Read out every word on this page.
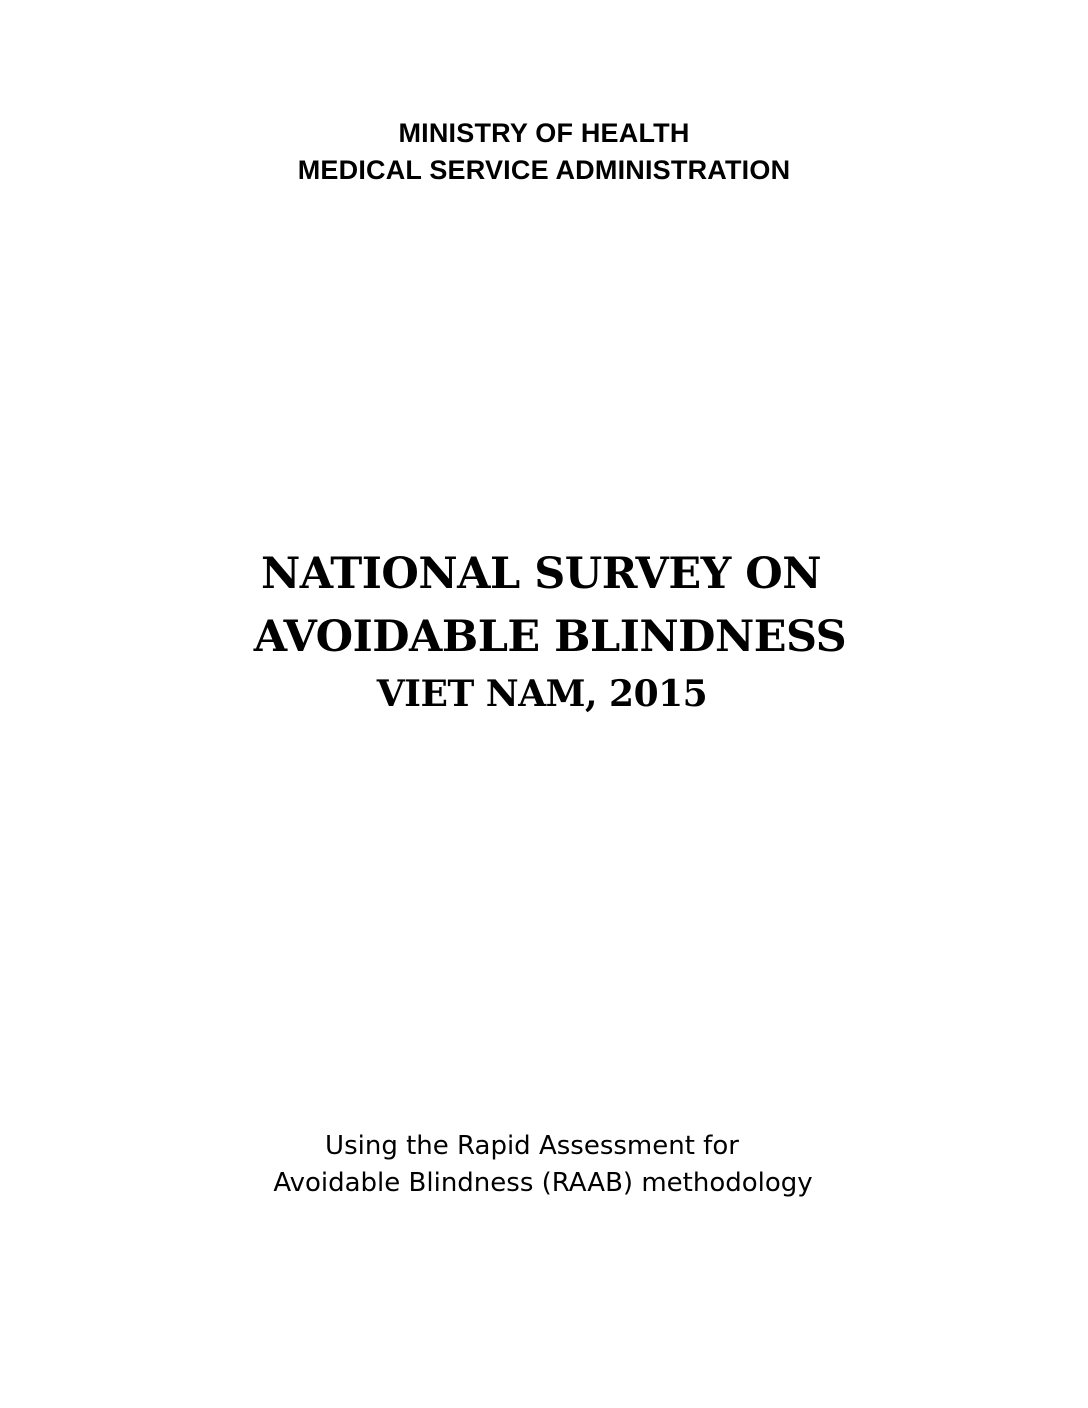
MINISTRY OF HEALTH
MEDICAL SERVICE ADMINISTRATION
NATIONAL SURVEY ON
AVOIDABLE BLINDNESS
VIET NAM, 2015
Using the Rapid Assessment for
Avoidable Blindness (RAAB) methodology
